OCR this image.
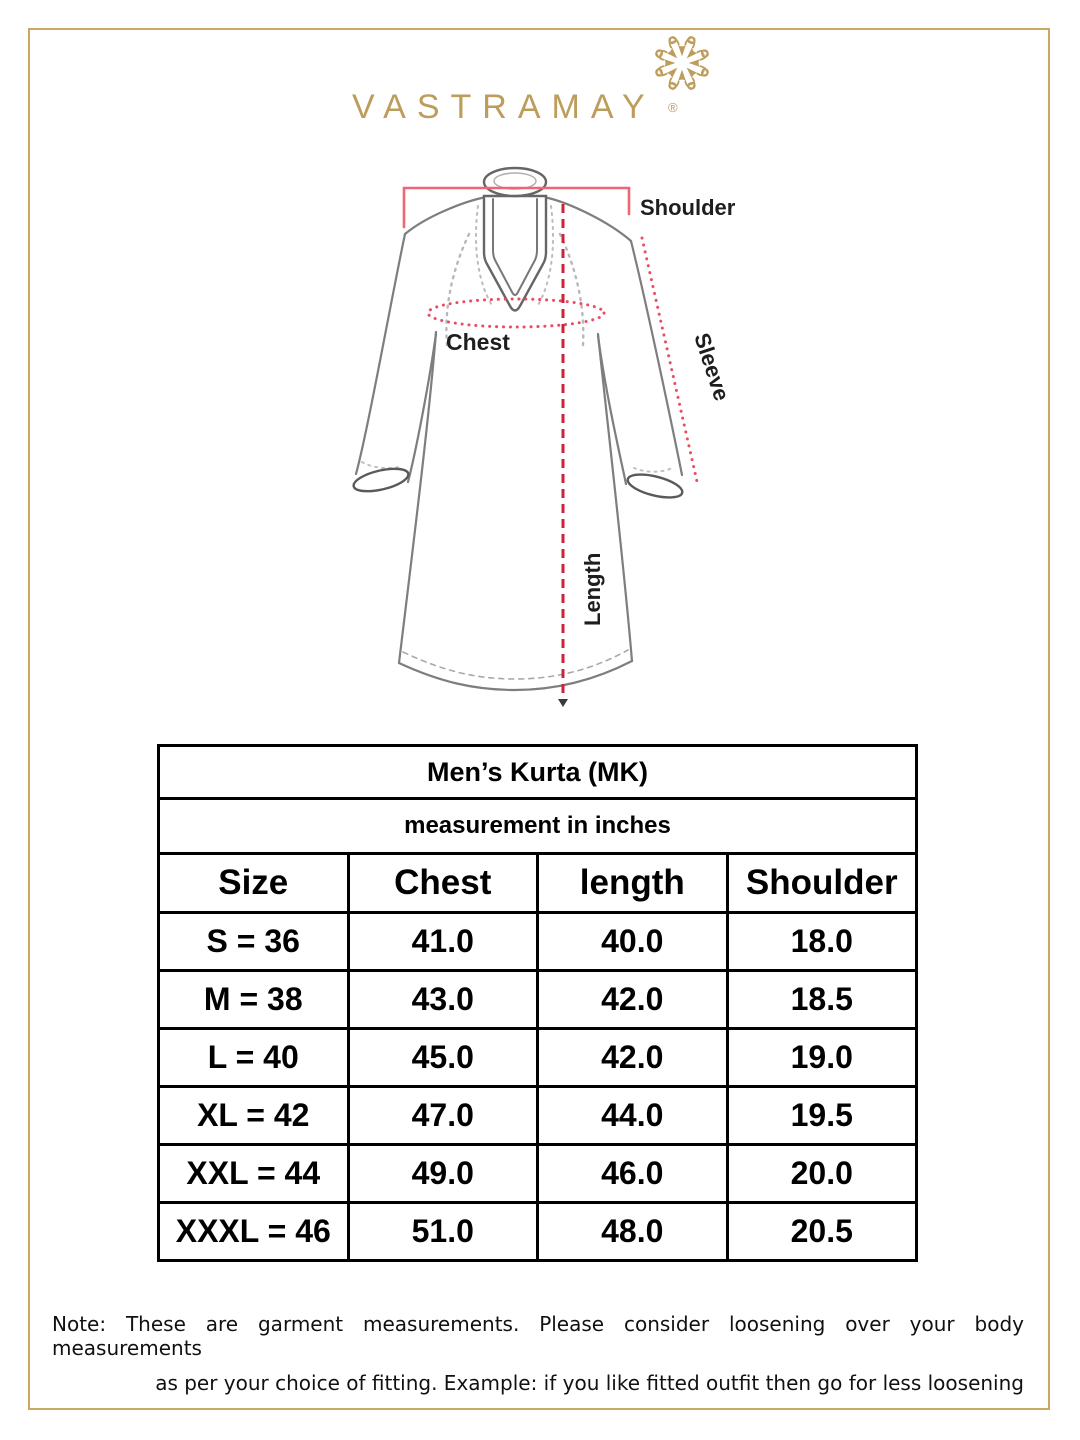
VASTRAMAY ®
Shoulder
Chest	Sleeve
Length
Men’s Kurta (MK)			
measurement in inches			
Size	Chest	length	Shoulder
S = 36	41.0	40.0	18.0
M = 38	43.0	42.0	18.5
L = 40	45.0	42.0	19.0
XL = 42	47.0	44.0	19.5
XXL = 44	49.0	46.0	20.0
XXXL = 46	51.0	48.0	20.5

Note: These are garment measurements. Please consider loosening over your body measurements
as per your choice of fitting. Example: if you like fitted outfit then go for less loosening
